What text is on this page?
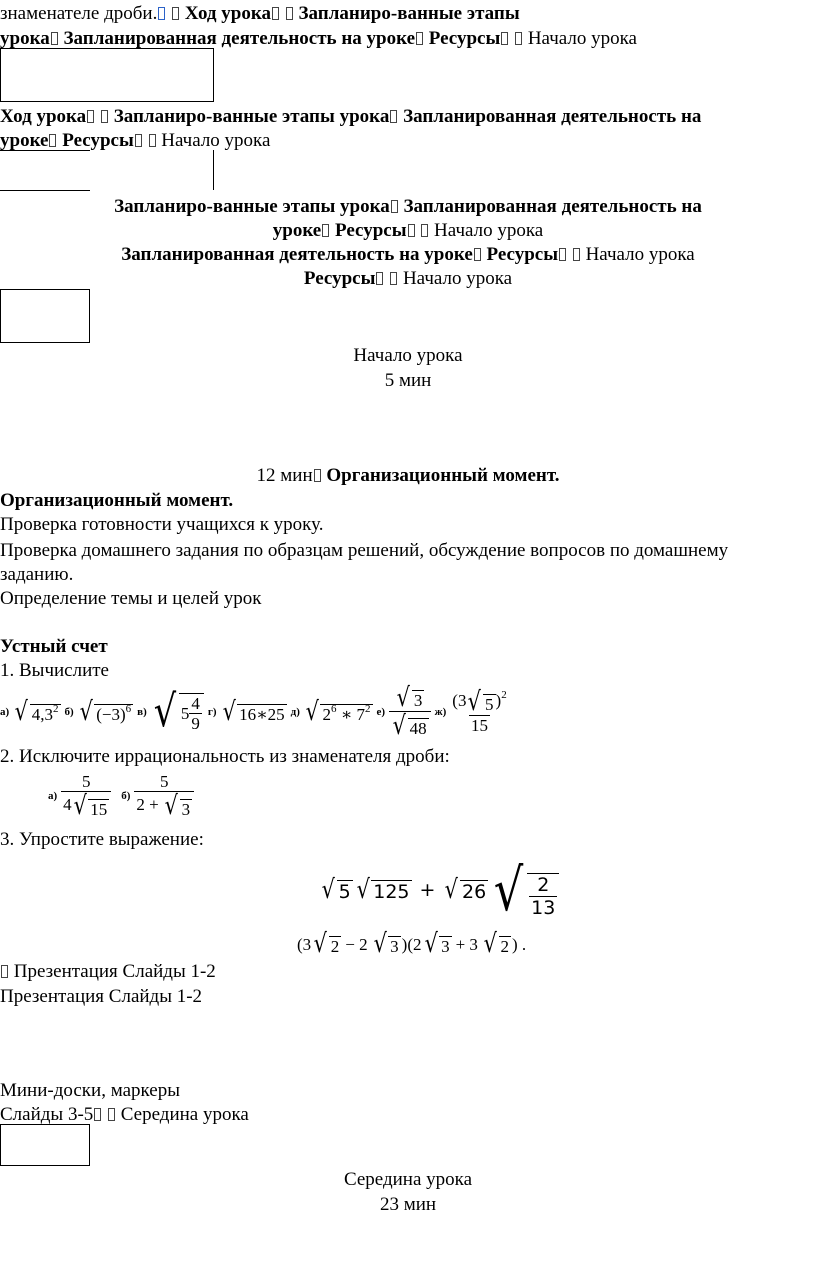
знаменателе дроби. Ход урока Запланиро-ванные этапы
урока Запланированная деятельность на уроке Ресурсы Начало урока
Ход урока Запланиро-ванные этапы урока Запланированная деятельность на
уроке Ресурсы Начало урока
Запланиро-ванные этапы урока Запланированная деятельность на
уроке Ресурсы Начало урока
Запланированная деятельность на уроке Ресурсы Начало урока
Ресурсы Начало урока
Начало урока
5 мин
12 мин Организационный момент.
Организационный момент.
Проверка готовности учащихся к уроку.
Проверка домашнего задания по образцам решений, обсуждение вопросов по домашнему
заданию.
Определение темы и целей урок
Устный счет
1. Вычислите
а) √ $4,3^2$ б) √ $(-3)^6$ в) √ $5 \frac{4}{9} г$) √ 16∗25 д) √ $2^6$ ∗ $7^2$ $е) \frac{√ 3}{√ 48} ж) \frac{(3 √ 5 )^2}{15}$
2. Исключите иррациональность из знаменателя дроби:
$а) \frac{5}{4 √ 15} б) \frac{5}{2 + √ 3}$
3. Упростите выражение:
√ 5 √ 125 + √ 26 √ $\frac{2}{13}$
(3 √ 2 − 2 √ 3 )(2 √ 3 + 3 √ 2 ) .
Презентация Слайды 1-2
Презентация Слайды 1-2
Мини-доски, маркеры
Слайды 3-5 Середина урока
Середина урока
23 мин
